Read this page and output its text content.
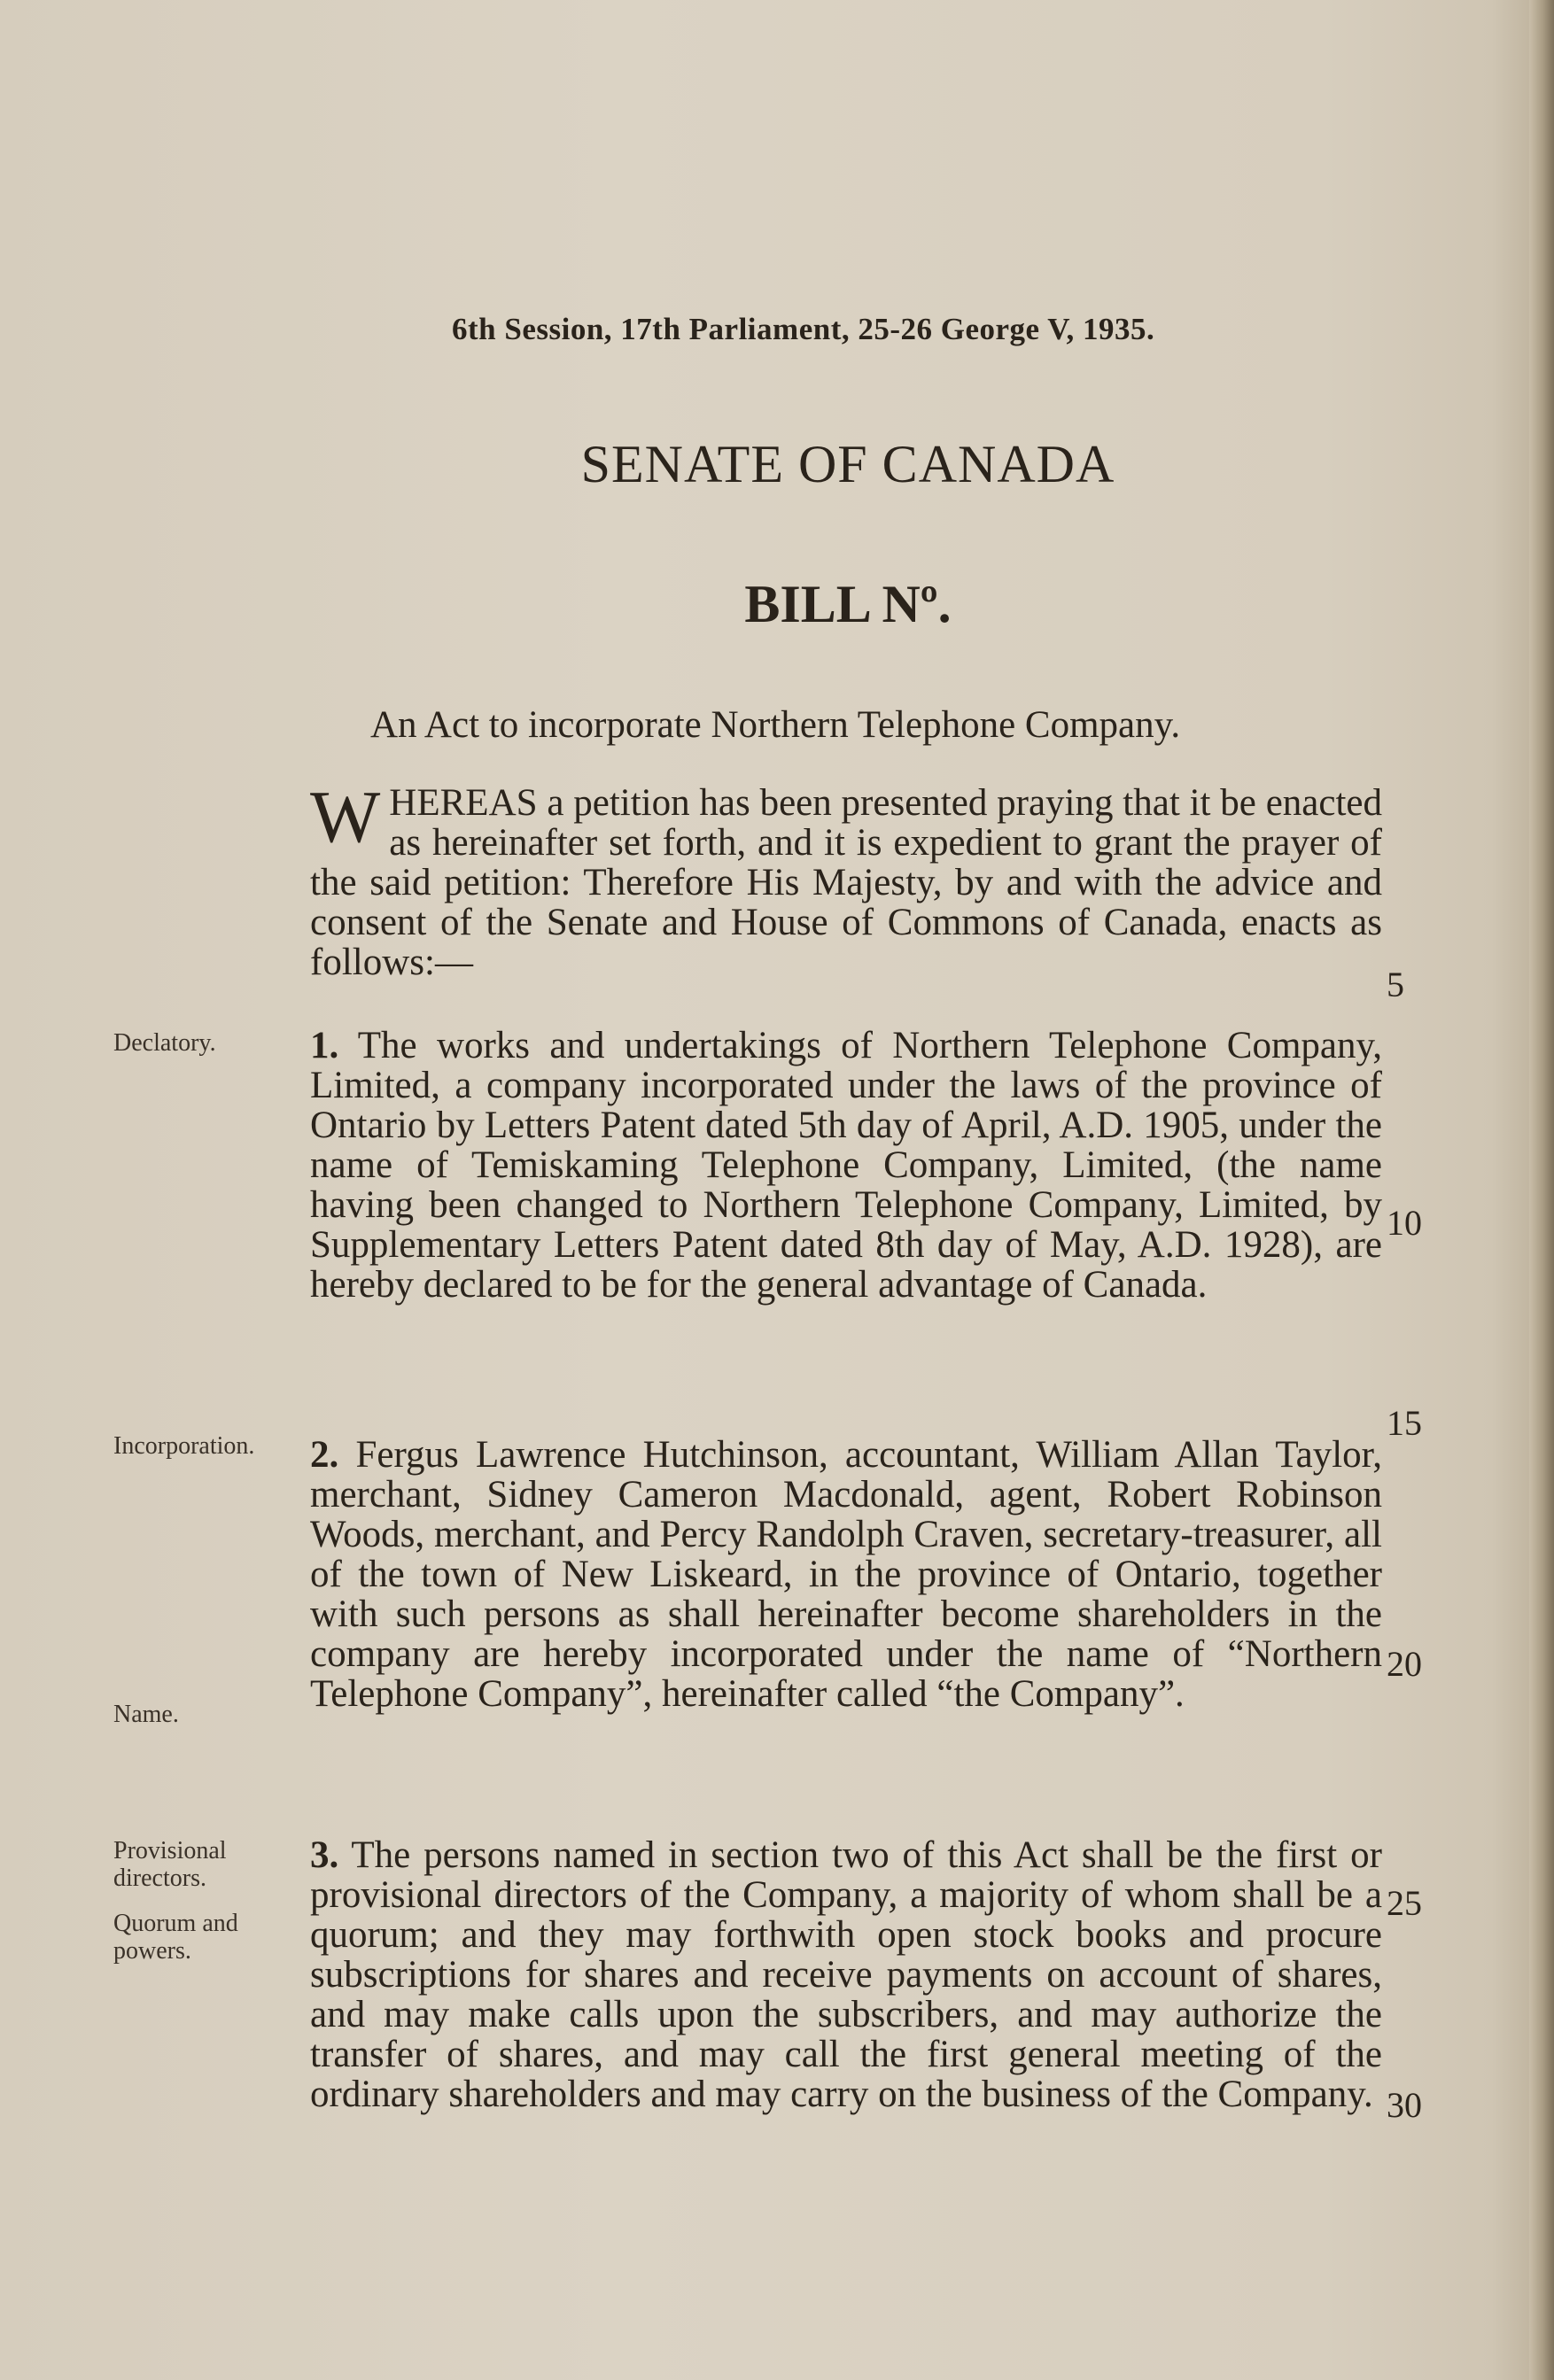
6th Session, 17th Parliament, 25-26 George V, 1935.
SENATE OF CANADA
BILL Nº.
An Act to incorporate Northern Telephone Company.
WHEREAS a petition has been presented praying that it be enacted as hereinafter set forth, and it is expedient to grant the prayer of the said petition: Therefore His Majesty, by and with the advice and consent of the Senate and House of Commons of Canada, enacts as follows:—
1. The works and undertakings of Northern Telephone Company, Limited, a company incorporated under the laws of the province of Ontario by Letters Patent dated 5th day of April, A.D. 1905, under the name of Temiskaming Telephone Company, Limited, (the name having been changed to Northern Telephone Company, Limited, by Supplementary Letters Patent dated 8th day of May, A.D. 1928), are hereby declared to be for the general advantage of Canada.
2. Fergus Lawrence Hutchinson, accountant, William Allan Taylor, merchant, Sidney Cameron Macdonald, agent, Robert Robinson Woods, merchant, and Percy Randolph Craven, secretary-treasurer, all of the town of New Liskeard, in the province of Ontario, together with such persons as shall hereinafter become shareholders in the company are hereby incorporated under the name of “Northern Telephone Company”, hereinafter called “the Company”.
3. The persons named in section two of this Act shall be the first or provisional directors of the Company, a majority of whom shall be a quorum; and they may forthwith open stock books and procure subscriptions for shares and receive payments on account of shares, and may make calls upon the subscribers, and may authorize the transfer of shares, and may call the first general meeting of the ordinary shareholders and may carry on the business of the Company.
Declatory.
Incorporation.
Name.
Provisional directors.
Quorum and powers.
5
10
15
20
25
30
